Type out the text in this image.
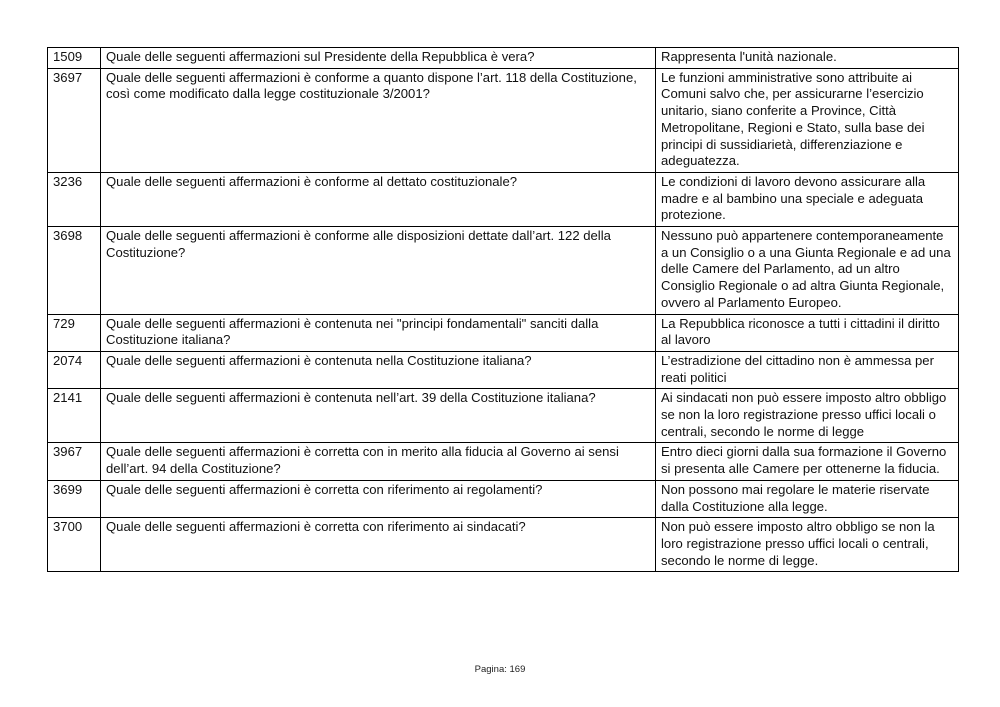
1509	Quale delle seguenti affermazioni sul Presidente della Repubblica è vera?	Rappresenta l'unità nazionale.
3697	Quale delle seguenti affermazioni è conforme a quanto dispone l’art. 118 della Costituzione, così come modificato dalla legge costituzionale 3/2001?	Le funzioni amministrative sono attribuite ai Comuni salvo che, per assicurarne l’esercizio unitario, siano conferite a Province, Città Metropolitane, Regioni e Stato, sulla base dei principi di sussidiarietà, differenziazione e adeguatezza.
3236	Quale delle seguenti affermazioni è conforme al dettato costituzionale?	Le condizioni di lavoro devono assicurare alla madre e al bambino una speciale e adeguata protezione.
3698	Quale delle seguenti affermazioni è conforme alle disposizioni dettate dall’art. 122 della Costituzione?	Nessuno può appartenere contemporaneamente a un Consiglio o a una Giunta Regionale e ad una delle Camere del Parlamento, ad un altro Consiglio Regionale o ad altra Giunta Regionale, ovvero al Parlamento Europeo.
729	Quale delle seguenti affermazioni è contenuta nei "principi fondamentali" sanciti dalla Costituzione italiana?	La Repubblica riconosce a tutti i cittadini il diritto al lavoro
2074	Quale delle seguenti affermazioni è contenuta nella Costituzione italiana?	L’estradizione del cittadino non è ammessa per reati politici
2141	Quale delle seguenti affermazioni è contenuta nell’art. 39 della Costituzione italiana?	Ai sindacati non può essere imposto altro obbligo se non la loro registrazione presso uffici locali o centrali, secondo le norme di legge
3967	Quale delle seguenti affermazioni è corretta con in merito alla fiducia al Governo ai sensi dell’art. 94 della Costituzione?	Entro dieci giorni dalla sua formazione il Governo si presenta alle Camere per ottenerne la fiducia.
3699	Quale delle seguenti affermazioni è corretta con riferimento ai regolamenti?	Non possono mai regolare le materie riservate dalla Costituzione alla legge.
3700	Quale delle seguenti affermazioni è corretta con riferimento ai sindacati?	Non può essere imposto altro obbligo se non la loro registrazione presso uffici locali o centrali, secondo le norme di legge.
Pagina: 169
